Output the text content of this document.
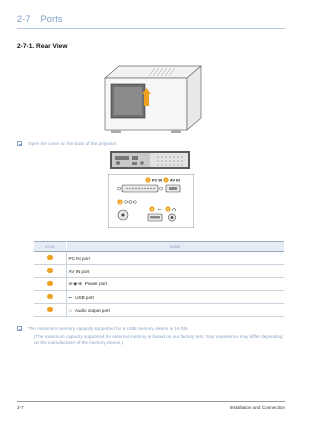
2-7 Ports
2-7-1. Rear View
Open the cover on the back of the projector.
1 PC IN 2 AV IN
3
4 ⭠ 5
ICON	NAME
	PC IN port
	AV IN port
	⊖-◉-⊕ Power port
	⭠ USB port
	∩ Audio output port
The maximum memory capacity supported for a USB memory device is 16 GB.
(The maximum capacity supported for external memory is based on our factory test. Your experience may differ depending on the manufacturer of the memory device.)
2-7	Installation and Connection
